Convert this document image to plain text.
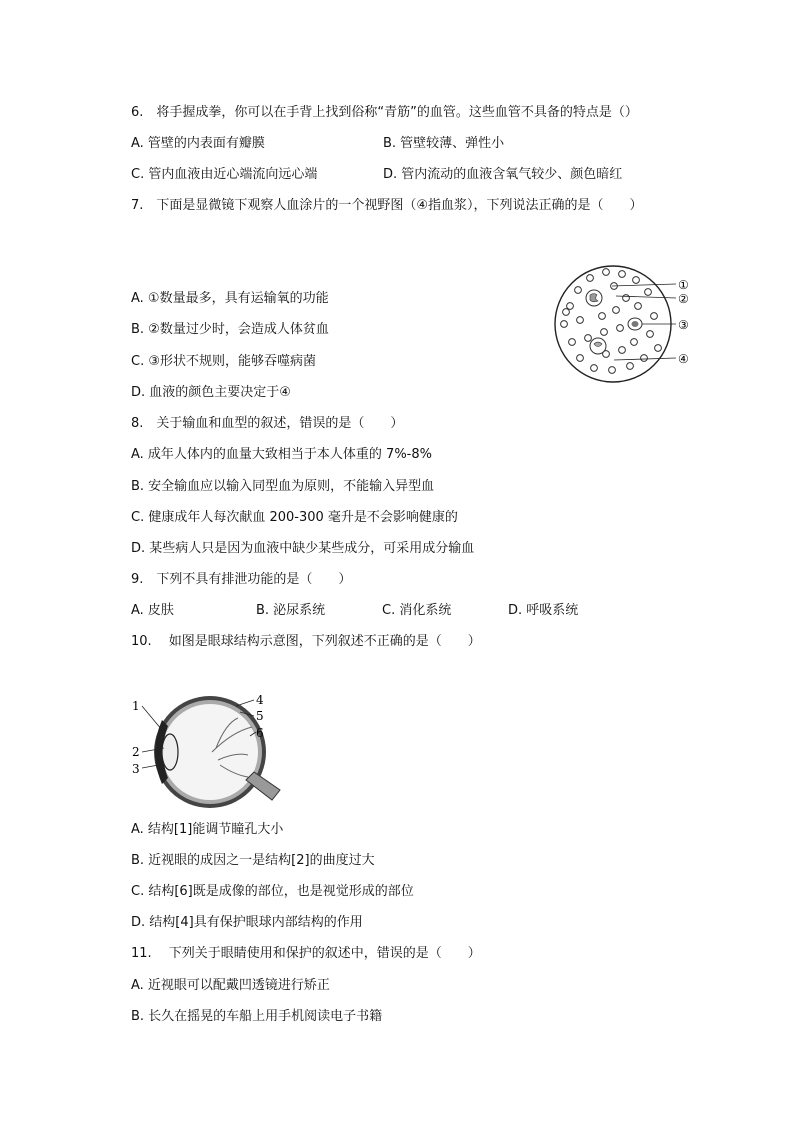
6.　将手握成拳，你可以在手背上找到俗称“青筋”的血管。这些血管不具备的特点是（）
A. 管壁的内表面有瓣膜	B. 管壁较薄、弹性小
C. 管内血液由近心端流向远心端	D. 管内流动的血液含氧气较少、颜色暗红
7.　下面是显微镜下观察人血涂片的一个视野图（④指血浆），下列说法正确的是（　　）
A. ①数量最多，具有运输氧的功能
B. ②数量过少时，会造成人体贫血
C. ③形状不规则，能够吞噬病菌
D. 血液的颜色主要决定于④
①
②
③
④
8.　关于输血和血型的叙述，错误的是（　　）
A. 成年人体内的血量大致相当于本人体重的 7%-8%
B. 安全输血应以输入同型血为原则，不能输入异型血
C. 健康成年人每次献血 200-300 毫升是不会影响健康的
D. 某些病人只是因为血液中缺少某些成分，可采用成分输血
9.　下列不具有排泄功能的是（　　）
A. 皮肤	B. 泌尿系统	C. 消化系统	D. 呼吸系统
10.　 如图是眼球结构示意图，下列叙述不正确的是（　　）
1
2
3
4
5
6
A. 结构[1]能调节瞳孔大小
B. 近视眼的成因之一是结构[2]的曲度过大
C. 结构[6]既是成像的部位，也是视觉形成的部位
D. 结构[4]具有保护眼球内部结构的作用
11.　 下列关于眼睛使用和保护的叙述中，错误的是（　　）
A. 近视眼可以配戴凹透镜进行矫正
B. 长久在摇晃的车船上用手机阅读电子书籍
